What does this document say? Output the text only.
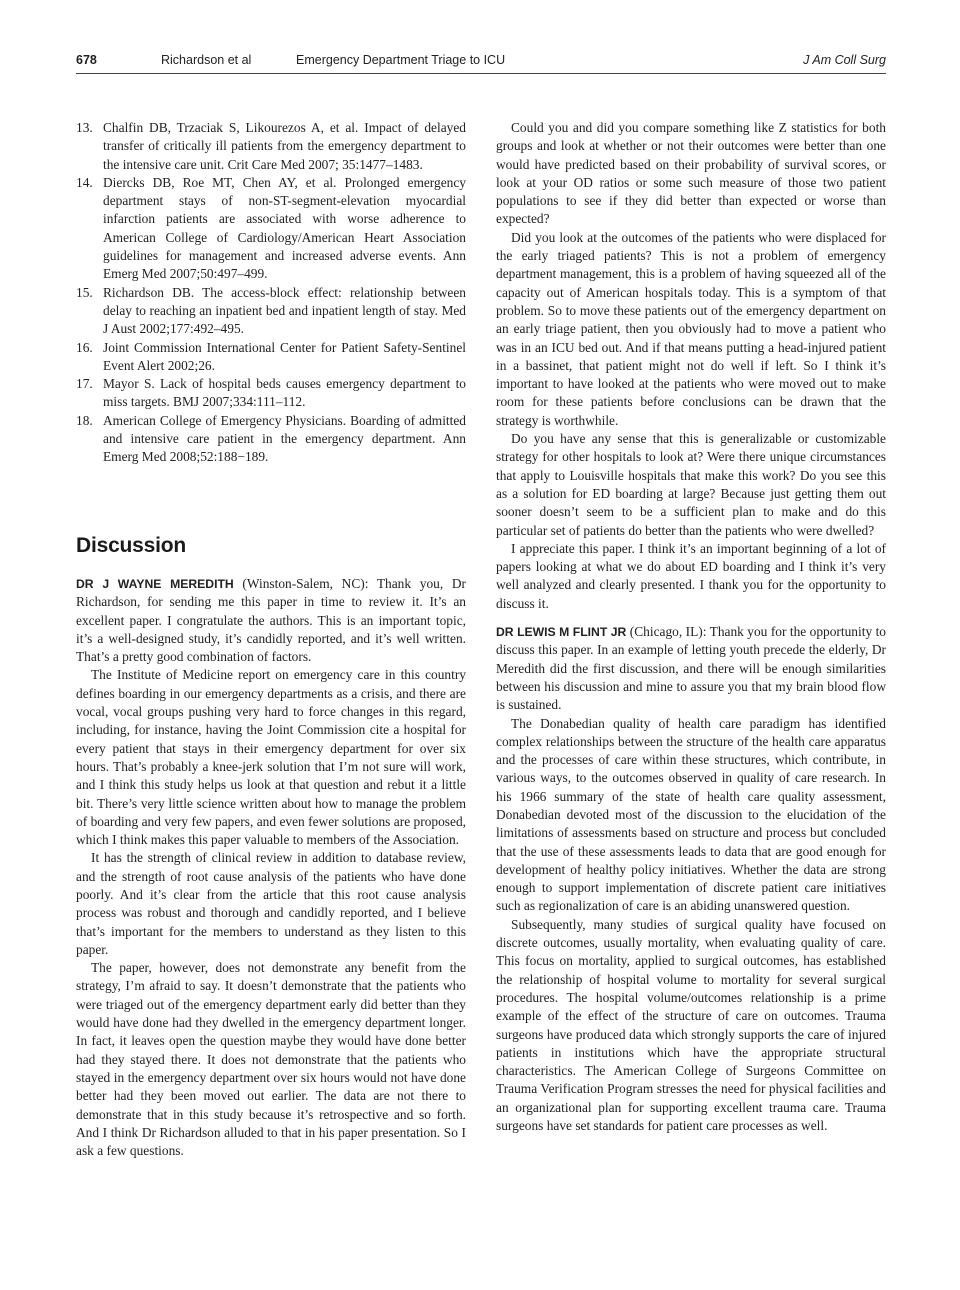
678	Richardson et al	Emergency Department Triage to ICU	J Am Coll Surg
13. Chalfin DB, Trzaciak S, Likourezos A, et al. Impact of delayed transfer of critically ill patients from the emergency department to the intensive care unit. Crit Care Med 2007; 35:1477–1483.
14. Diercks DB, Roe MT, Chen AY, et al. Prolonged emergency department stays of non-ST-segment-elevation myocardial infarction patients are associated with worse adherence to American College of Cardiology/American Heart Association guidelines for management and increased adverse events. Ann Emerg Med 2007;50:497–499.
15. Richardson DB. The access-block effect: relationship between delay to reaching an inpatient bed and inpatient length of stay. Med J Aust 2002;177:492–495.
16. Joint Commission International Center for Patient Safety-Sentinel Event Alert 2002;26.
17. Mayor S. Lack of hospital beds causes emergency department to miss targets. BMJ 2007;334:111–112.
18. American College of Emergency Physicians. Boarding of admitted and intensive care patient in the emergency department. Ann Emerg Med 2008;52:188−189.
Discussion

DR J WAYNE MEREDITH (Winston-Salem, NC): Thank you, Dr Richardson, for sending me this paper in time to review it. It’s an excellent paper. I congratulate the authors. This is an important topic, it’s a well-designed study, it’s candidly reported, and it’s well written. That’s a pretty good combination of factors.

The Institute of Medicine report on emergency care in this country defines boarding in our emergency departments as a crisis, and there are vocal, vocal groups pushing very hard to force changes in this regard, including, for instance, having the Joint Commission cite a hospital for every patient that stays in their emergency department for over six hours. That’s probably a knee-jerk solution that I’m not sure will work, and I think this study helps us look at that question and rebut it a little bit. There’s very little science written about how to manage the problem of boarding and very few papers, and even fewer solutions are proposed, which I think makes this paper valuable to members of the Association.

It has the strength of clinical review in addition to database review, and the strength of root cause analysis of the patients who have done poorly. And it’s clear from the article that this root cause analysis process was robust and thorough and candidly reported, and I believe that’s important for the members to understand as they listen to this paper.

The paper, however, does not demonstrate any benefit from the strategy, I’m afraid to say. It doesn’t demonstrate that the patients who were triaged out of the emergency department early did better than they would have done had they dwelled in the emergency department longer. In fact, it leaves open the question maybe they would have done better had they stayed there. It does not demonstrate that the patients who stayed in the emergency department over six hours would not have done better had they been moved out earlier. The data are not there to demonstrate that in this study because it’s retrospective and so forth. And I think Dr Richardson alluded to that in his paper presentation. So I ask a few questions.

Could you and did you compare something like Z statistics for both groups and look at whether or not their outcomes were better than one would have predicted based on their probability of survival scores, or look at your OD ratios or some such measure of those two patient populations to see if they did better than expected or worse than expected?

Did you look at the outcomes of the patients who were displaced for the early triaged patients? This is not a problem of emergency department management, this is a problem of having squeezed all of the capacity out of American hospitals today. This is a symptom of that problem. So to move these patients out of the emergency department on an early triage patient, then you obviously had to move a patient who was in an ICU bed out. And if that means putting a head-injured patient in a bassinet, that patient might not do well if left. So I think it’s important to have looked at the patients who were moved out to make room for these patients before conclusions can be drawn that the strategy is worthwhile.

Do you have any sense that this is generalizable or customizable strategy for other hospitals to look at? Were there unique circumstances that apply to Louisville hospitals that make this work? Do you see this as a solution for ED boarding at large? Because just getting them out sooner doesn’t seem to be a sufficient plan to make and do this particular set of patients do better than the patients who were dwelled?

I appreciate this paper. I think it’s an important beginning of a lot of papers looking at what we do about ED boarding and I think it’s very well analyzed and clearly presented. I thank you for the opportunity to discuss it.

DR LEWIS M FLINT JR (Chicago, IL): Thank you for the opportunity to discuss this paper. In an example of letting youth precede the elderly, Dr Meredith did the first discussion, and there will be enough similarities between his discussion and mine to assure you that my brain blood flow is sustained.

The Donabedian quality of health care paradigm has identified complex relationships between the structure of the health care apparatus and the processes of care within these structures, which contribute, in various ways, to the outcomes observed in quality of care research. In his 1966 summary of the state of health care quality assessment, Donabedian devoted most of the discussion to the elucidation of the limitations of assessments based on structure and process but concluded that the use of these assessments leads to data that are good enough for development of healthy policy initiatives. Whether the data are strong enough to support implementation of discrete patient care initiatives such as regionalization of care is an abiding unanswered question.

Subsequently, many studies of surgical quality have focused on discrete outcomes, usually mortality, when evaluating quality of care. This focus on mortality, applied to surgical outcomes, has established the relationship of hospital volume to mortality for several surgical procedures. The hospital volume/outcomes relationship is a prime example of the effect of the structure of care on outcomes. Trauma surgeons have produced data which strongly supports the care of injured patients in institutions which have the appropriate structural characteristics. The American College of Surgeons Committee on Trauma Verification Program stresses the need for physical facilities and an organizational plan for supporting excellent trauma care. Trauma surgeons have set standards for patient care processes as well.
